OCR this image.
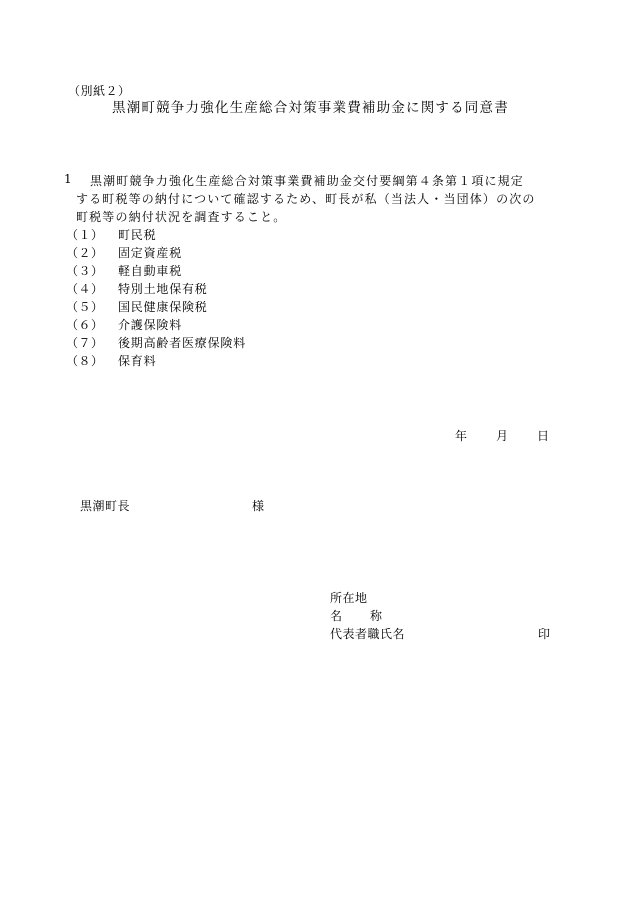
（別紙２）
黒潮町競争力強化生産総合対策事業費補助金に関する同意書
1 黒潮町競争力強化生産総合対策事業費補助金交付要綱第４条第１項に規定
する町税等の納付について確認するため、町長が私（当法人・当団体）の次の
町税等の納付状況を調査すること。
（１） 町民税
（２） 固定資産税
（３） 軽自動車税
（４） 特別土地保有税
（５） 国民健康保険税
（６） 介護保険料
（７） 後期高齢者医療保険料
（８） 保育料
年 月 日
黒潮町長	様
所在地
名 称
代表者職氏名	印
